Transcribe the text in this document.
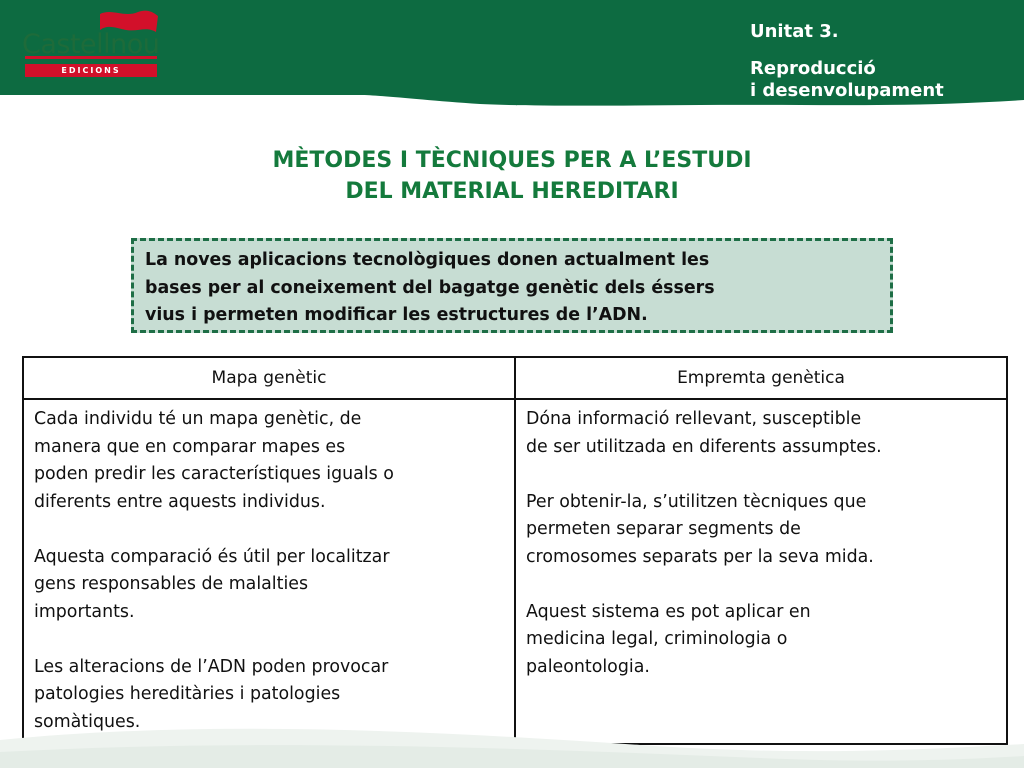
Castellnou
EDICIONS
Unitat 3.
Reproducció
i desenvolupament
MÈTODES I TÈCNIQUES PER A L’ESTUDI
DEL MATERIAL HEREDITARI
La noves aplicacions tecnològiques donen actualment les
bases per al coneixement del bagatge genètic dels éssers
vius i permeten modificar les estructures de l’ADN.
Mapa genètic	Empremta genètica

Cada individu té un mapa genètic, de
manera que en comparar mapes es
poden predir les característiques iguals o
diferents entre aquests individus.

Aquesta comparació és útil per localitzar
gens responsables de malalties
importants.

Les alteracions de l’ADN poden provocar
patologies hereditàries i patologies
somàtiques.

Dóna informació rellevant, susceptible
de ser utilitzada en diferents assumptes.

Per obtenir-la, s’utilitzen tècniques que
permeten separar segments de
cromosomes separats per la seva mida.

Aquest sistema es pot aplicar en
medicina legal, criminologia o
paleontologia.
